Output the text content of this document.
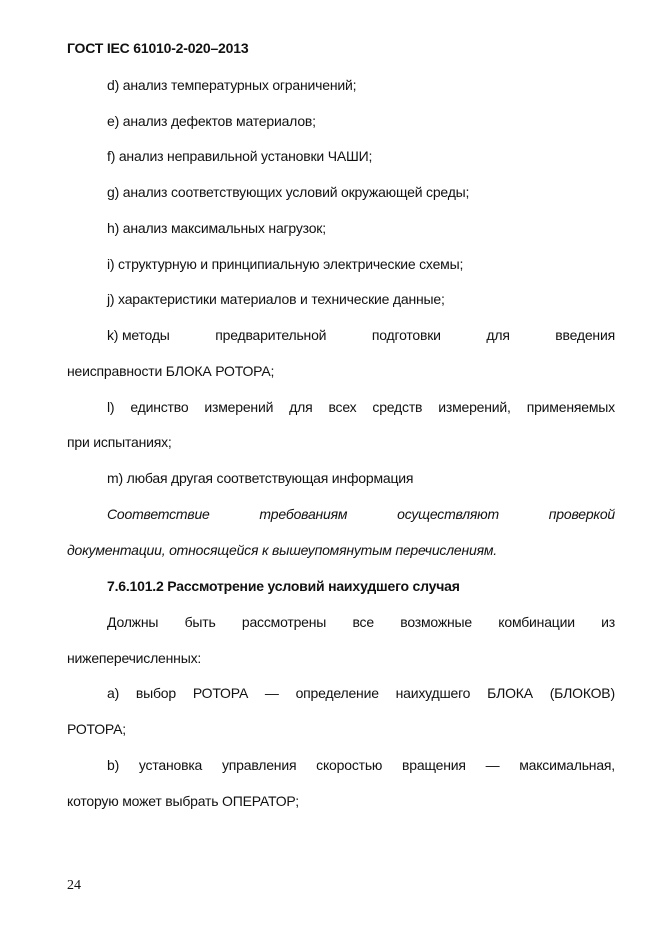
ГОСТ IEC 61010-2-020–2013
d) анализ температурных ограничений;
e) анализ дефектов материалов;
f) анализ неправильной установки ЧАШИ;
g) анализ соответствующих условий окружающей среды;
h) анализ максимальных нагрузок;
i) структурную и принципиальную электрические схемы;
j) характеристики материалов и технические данные;
k) методы	предварительной	подготовки	для	введения
неисправности БЛОКА РОТОРА;
l) единство измерений для всех средств измерений, применяемых
при испытаниях;
m) любая другая соответствующая информация
Соответствие	требованиям	осуществляют	проверкой
документации, относящейся к вышеупомянутым перечислениям.
7.6.101.2 Рассмотрение условий наихудшего случая
Должны быть рассмотрены все возможные комбинации из
нижеперечисленных:
a) выбор РОТОРА — определение наихудшего БЛОКА (БЛОКОВ)
РОТОРА;
b) установка управления скоростью вращения — максимальная,
которую может выбрать ОПЕРАТОР;
24
